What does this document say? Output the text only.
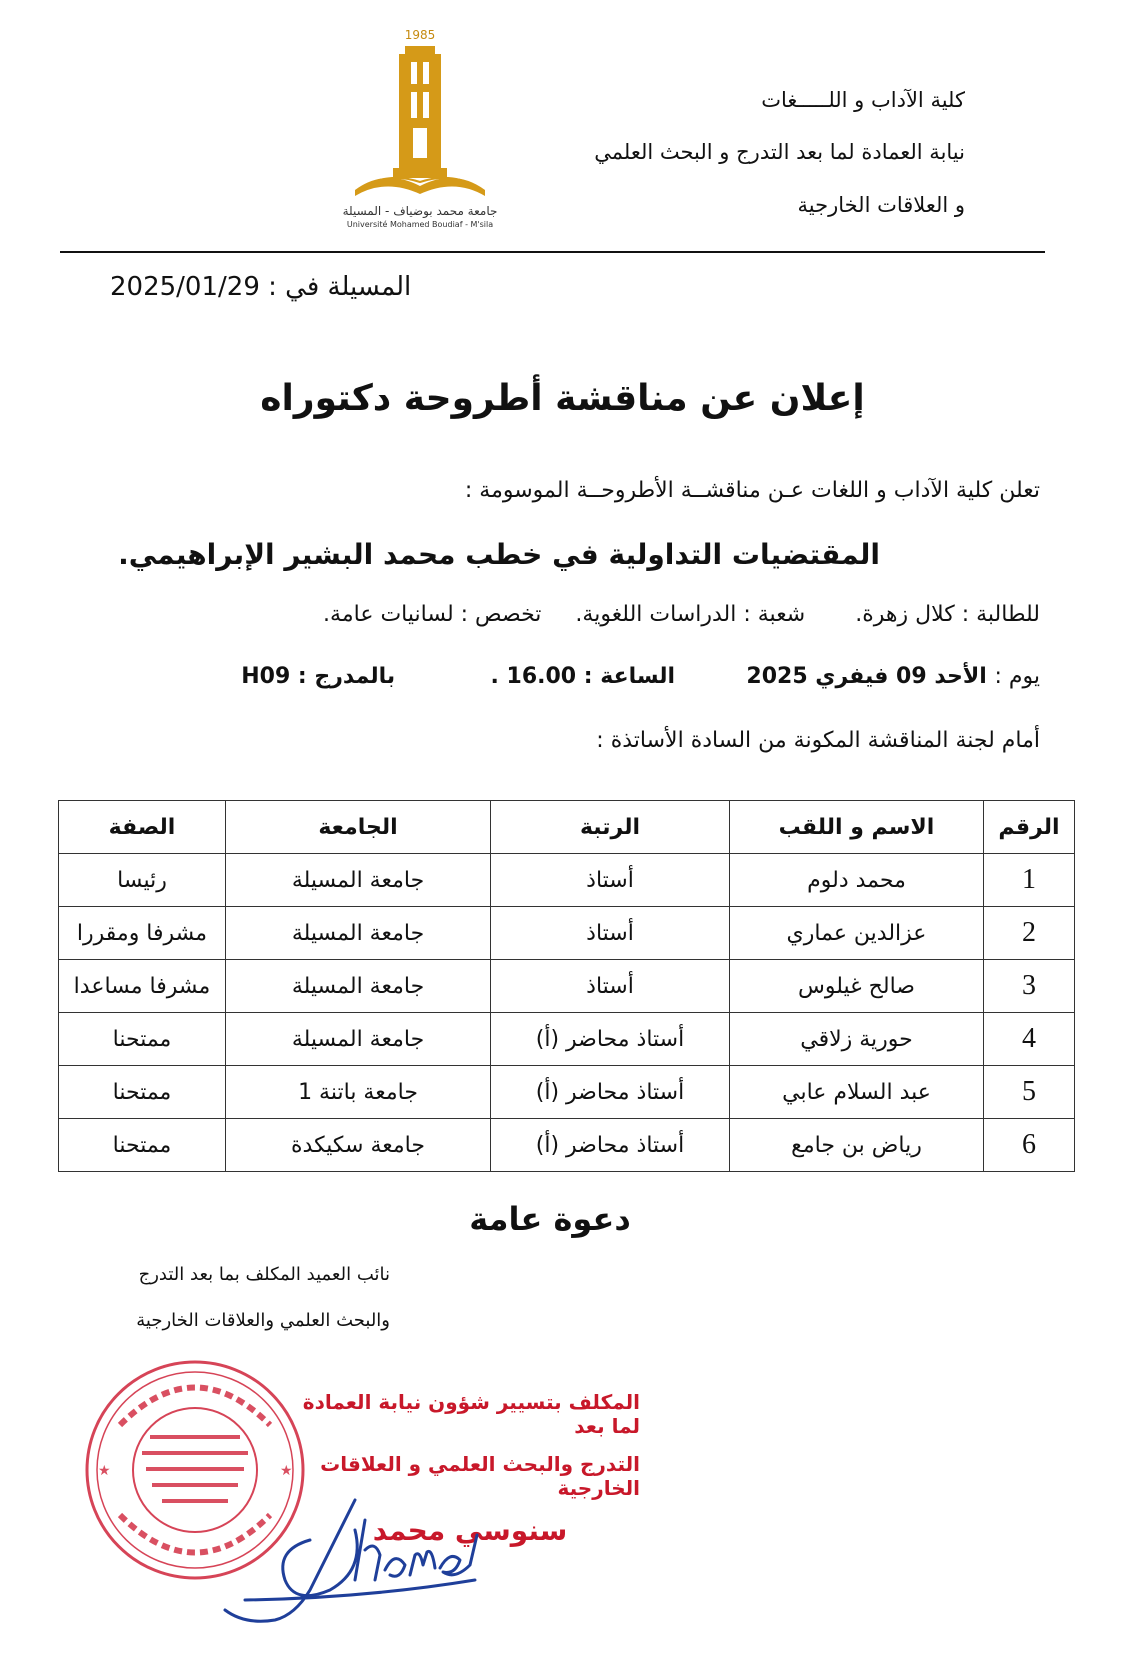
كلية الآداب و اللـــــغات
نيابة العمادة لما بعد التدرج و البحث العلمي
و العلاقات الخارجية
1985
جامعة محمد بوضياف - المسيلة
Université Mohamed Boudiaf - M'sila
المسيلة في : 2025/01/29
إعلان عن مناقشة أطروحة دكتوراه
تعلن كلية الآداب و اللغات عـن مناقشــة الأطروحــة الموسومة :
المقتضيات التداولية في خطب محمد البشير الإبراهيمي.
للطالبة : كلال زهرة.  شعبة : الدراسات اللغوية.  تخصص : لسانيات عامة.
يوم : الأحد 09 فيفري 2025  الساعة : 16.00 .  بالمدرج : H09
أمام لجنة المناقشة المكونة من السادة الأساتذة :
الرقم	الاسم و اللقب	الرتبة	الجامعة	الصفة
1	محمد دلوم	أستاذ	جامعة المسيلة	رئيسا
2	عزالدين عماري	أستاذ	جامعة المسيلة	مشرفا ومقررا
3	صالح غيلوس	أستاذ	جامعة المسيلة	مشرفا مساعدا
4	حورية زلاقي	أستاذ محاضر (أ)	جامعة المسيلة	ممتحنا
5	عبد السلام عابي	أستاذ محاضر (أ)	جامعة باتنة 1	ممتحنا
6	رياض بن جامع	أستاذ محاضر (أ)	جامعة سكيكدة	ممتحنا
دعوة عامة
نائب العميد المكلف بما بعد التدرج
والبحث العلمي والعلاقات الخارجية
★	★
المكلف بتسيير شؤون نيابة العمادة لما بعد
التدرج والبحث العلمي و العلاقات الخارجية
سنوسي محمد
